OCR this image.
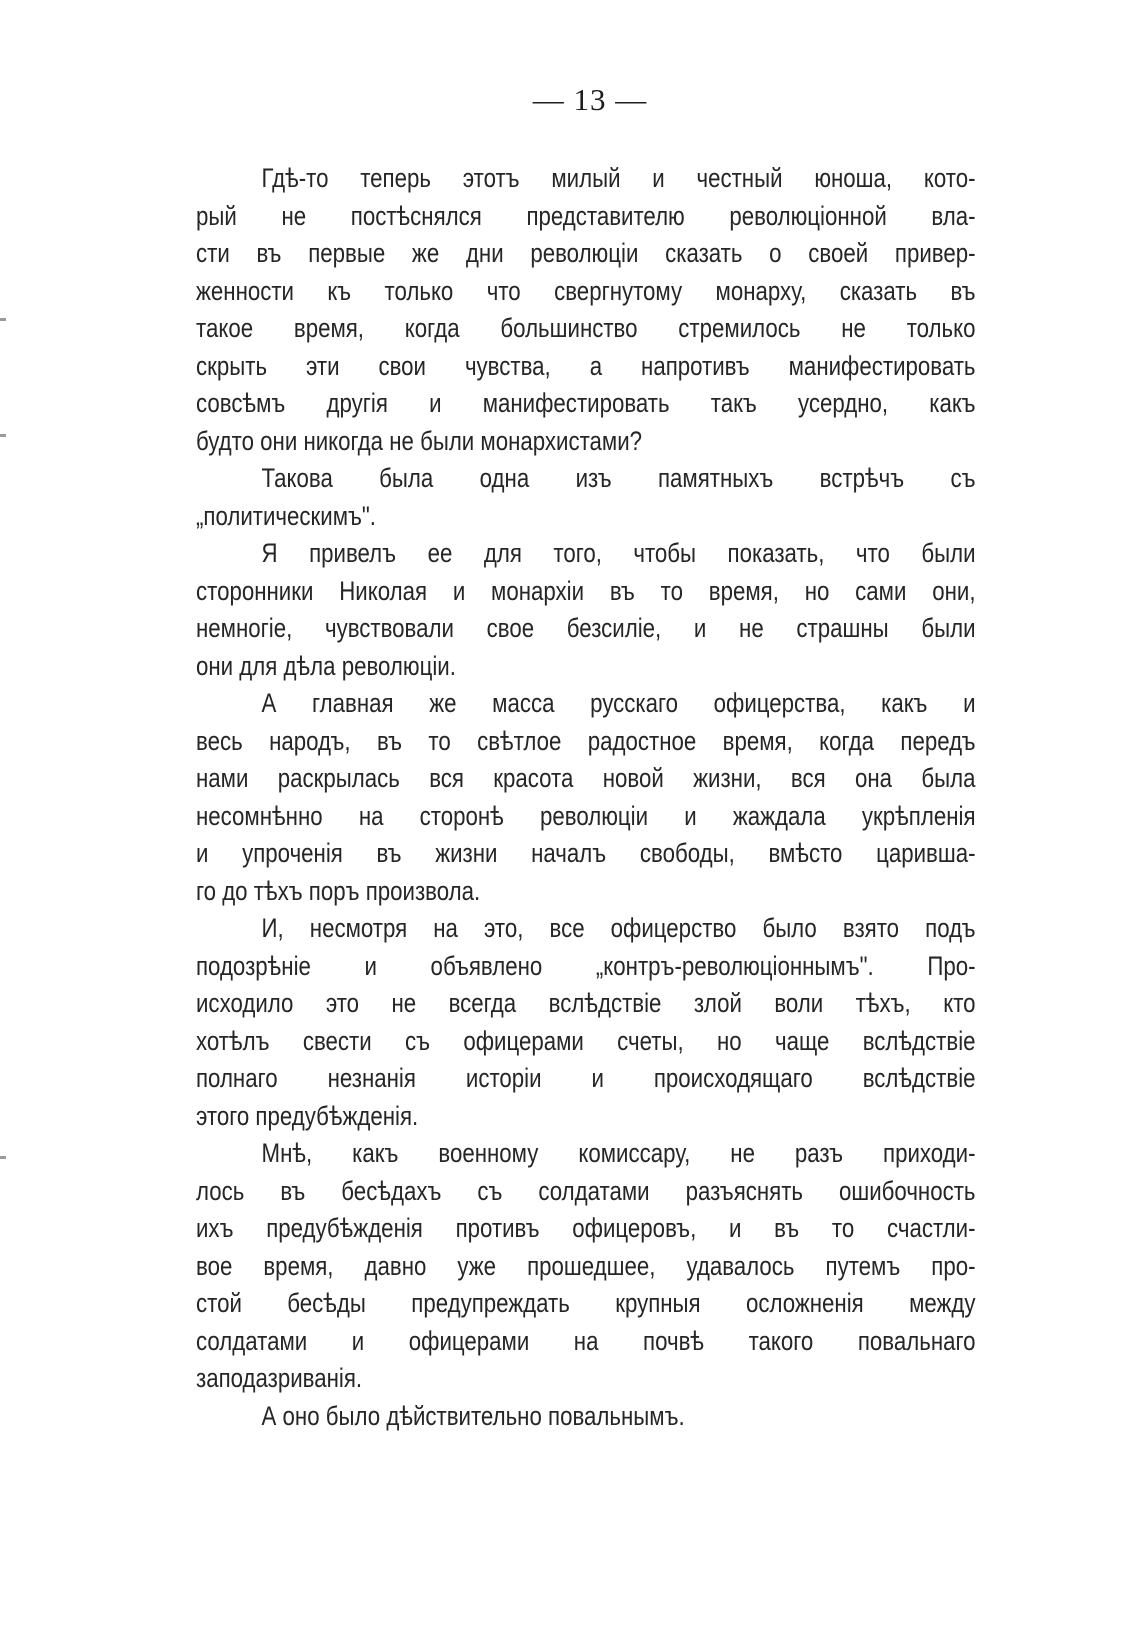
— 13 —

Гдѣ-то теперь этотъ милый и честный юноша, кото-
рый не постѣснялся представителю революціонной вла-
сти въ первые же дни революціи сказать о своей привер-
женности къ только что свергнутому монарху, сказать въ
такое время, когда большинство стремилось не только
скрыть эти свои чувства, а напротивъ манифестировать
совсѣмъ другія и манифестировать такъ усердно, какъ
будто они никогда не были монархистами?

Такова была одна изъ памятныхъ встрѣчъ съ
„политическимъ".

Я привелъ ее для того, чтобы показать, что были
сторонники Николая и монархіи въ то время, но сами они,
немногіе, чувствовали свое безсиліе, и не страшны были
они для дѣла революціи.

А главная же масса русскаго офицерства, какъ и
весь народъ, въ то свѣтлое радостное время, когда передъ
нами раскрылась вся красота новой жизни, вся она была
несомнѣнно на сторонѣ революціи и жаждала укрѣпленія
и упроченія въ жизни началъ свободы, вмѣсто царивша-
го до тѣхъ поръ произвола.

И, несмотря на это, все офицерство было взято подъ
подозрѣніе и объявлено „контръ-революціоннымъ". Про-
исходило это не всегда вслѣдствіе злой воли тѣхъ, кто
хотѣлъ свести съ офицерами счеты, но чаще вслѣдствіе
полнаго незнанія исторіи и происходящаго вслѣдствіе
этого предубѣжденія.

Мнѣ, какъ военному комиссару, не разъ приходи-
лось въ бесѣдахъ съ солдатами разъяснять ошибочность
ихъ предубѣжденія противъ офицеровъ, и въ то счастли-
вое время, давно уже прошедшее, удавалось путемъ про-
стой бесѣды предупреждать крупныя осложненія между
солдатами и офицерами на почвѣ такого повальнаго
заподазриванія.

А оно было дѣйствительно повальнымъ.
